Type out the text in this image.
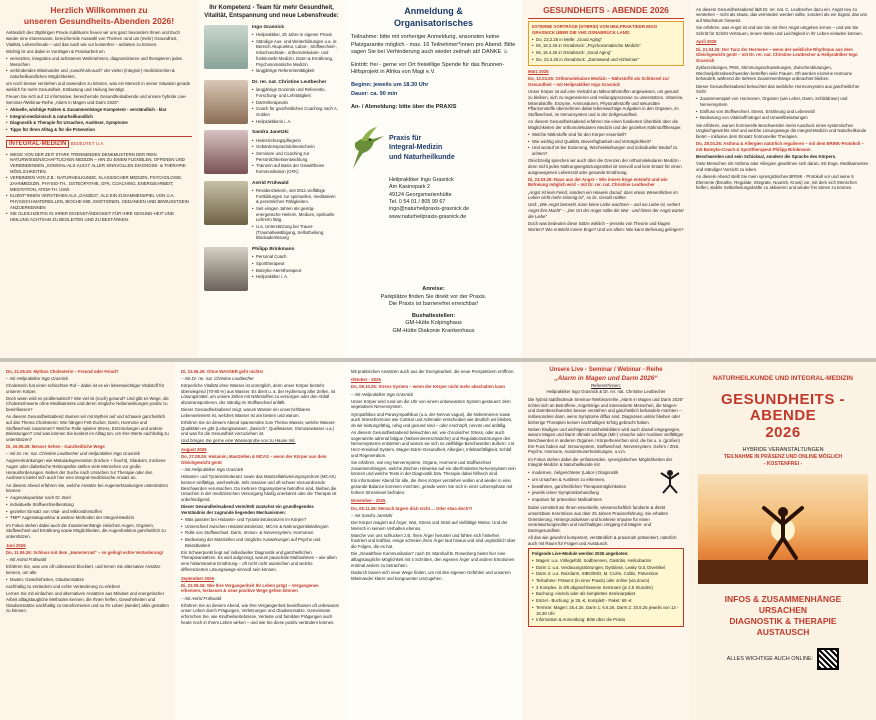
Herzlich Willkommen zu
unseren Gesundheits-Abenden 2026!

Anlässlich des 25jährigen Praxis-Jubiläums freuen wir uns ganz besonders Ihnen und Euch wieder eine interessante, bereichernde Auswahl von Themen rund um (mehr) Gesundheit, Vitalität, Lebensfreude – und das nach wie vor kostenfrei – anbieten zu können.

Wichtig ist uns dabei in Vorträgen & Praxisarbeit ein

• vernetztes, integrales und achtsames Wahrnehmen, diagnostizieren und therapieren jedes Menschen
• verbindendes Miteinander und „sowohl-als-auch“ der vielen (integral-) medizinischen & naturheilkundlichen Möglichkeiten,

um noch besser verstehen und anwenden zu können, was ein Mensch in seiner Situation gerade wirklich für mehr Gesundheit, Entlastung und Heilung benötigt.

Freuen Sie sich auf 12 informative, bereichernde Gesundheitsabende und unsere hybride Live-Seminar-/Webinar-Reihe „Alarm in Magen und Darm 2026“:

• Aktuelle, wichtige Fakten & Zusammenhänge Kompetent - verständlich - klar
• Integral-medizinisch & naturheilkundlich
• Diagnostik & Therapie für Ursachen, Auslöser, Symptome
• Tipps für Ihren Alltag & für die Prävention
INTEGRAL-MEDIZIN BEDEUTET U.A.
• WEGE VON DER ZEIT STARK TRENNENDEN DENKMUSTERN DER REIN NATURWISSENSCHAFTLICHEN MEDIZIN – HIN ZU EINEM FLEXIBLEN, OFFENEN UND VERBINDENDEN „SOWOHL-ALS-AUCH“ ALLER SINNVOLLEN DIAGNOSE- & THERAPIE-MÖGLICHKEITEN.
• VERBINDEN VON Z.B.: NATURHEILKUNDE, KLASSISCHER MEDIZIN, PSYCHOLOGIE, ZAHNMEDIZIN, PHYSIO-TH., OSTEOPATHIE, GFK, COACHING, ENERGIEARBEIT, MEDITATION, ATEM-TH. USW.
• KLIENT*INNEN VERSTEHEN ALS „GANZES“, ALS EIN ZUSAMMENSPIEL VON U.A. PHYSISCH-MATERIELLEN, BIOCHE-MIE, EMOTIONEN, GEDANKEN UND BEWUSSTSEIN ANZUERKENNEN
• SIE GLEICHZEITIG IN IHRER EIGENSTÄNDIGKEIT FÜR IHRE GESUND-HEIT UND HEILUNG ACHTSAM ZU BEGLEITEN UND ZU BESTÄRKEN.
Ihr Kompetenz - Team für mehr Gesundheit, Vitalität, Entspannung und neue Lebensfreude:
Ingo Grasnick
• Heilpraktiker, 25 Jahre in eigener Praxis
• Ständige Aus- und Weiterbildungen u.a. in: Bereich Akupunktur, Labor-, Stoffwechsel-, mitochondriale-, orthomolekulare- und funktionelle Medizin, Darm & Ernährung, Psychosomatische Medizin
• langjährige Referententätigkeit
Dr. rer. nat. Christine Leutbecher
• langjährige Dozentin und Referentin, Forschung- und Lehrtätigkeit
• Darmtherapeutin
• Coach für ganzheitliches Coaching nach A. Golden
• Heilpraktikerin i. A.
Sandra Janetzki
• Heilerziehungspflegerin
• Gebärdensprachdolmetscherin
• Seminare und Coaching zur Persönlichkeitsentwicklung
• Trainerin auf Basis der Gewaltfreien Kommunikation (GFK)
Astrid Frühwald
• Residenzleiterin, seit 2011 vielfältige Fortbildungen zur spirituellen, meditativen & persönlichen Fähigkeiten.
• Seit einigen Jahren als geistig-energetische Heilerin, Medium, spirituelle Lehrerin tätig.
• U.a. Unterstützung bei Trauer- (Traumabewältigung, Selbstheilung, Blockadenlösung
Philipp Brinkmann
• Personal Coach
• Sporttherapeut
• Buteyko-Atemtherapeut
• Heilpraktiker i. A.
Anmeldung &
Organisatorisches

Teilnahme: bitte mit vorheriger Anmeldung, ansonsten keine Platzgarantie möglich - max. 16 Teilnehmer*innen pro Abend. Bitte sagen Sie bei Verhinderung auch wieder zeitnah ab! DANKE ☺

Eintritt: frei - gerne vor Ort freiwillige Spende für das Brunnen-Hilfsprojekt in Afrika von Magi e.V.

Beginn: jeweils um 18.30 Uhr

Dauer: ca. 90 min

An- / Abmeldung: bitte über die PRAXIS

Praxis für
Integral-Medizin
und Naturheilkunde
Heilpraktiker Ingo Grasnick
Am Kasinopark 2
49124 Georgsmarienhütte
Tel. 0 54 01 / 805 99 67
ingo@naturheilpraxis-grasnick.de
www.naturheilpraxis-grasnick.de
Anreise:
Parkplätze finden Sie direkt vor der Praxis.
Die Praxis ist barrierefrei erreichbar!
Bushaltestellen:
GM-Hütte Kolpinghaus
GM-Hütte Diakonie Krankenhaus
GESUNDHEITS - ABENDE 2026
EXTERNE VORTRÄGE (HYBRID) VON HEILPRAKTIKER INGO GRASNICK ÜBER DIE VHS OSNABRÜCK LAND:
• Do, 23.2.26 in Melle: „Good Aging“
• Mi, 18.2.26 in Osnabrück: „Psychosomatische Medizin“
• Mi, 15.4.26 in Osnabrück: „Good Aging“
• Do, 23.4.26 in Osnabrück: „Darmwand und Alzheimer“
März 2026

Do, 12.03.26: Orthomolekulare Medizin – Nährstoffe als Schlüssel zur Gesundheit – mit Heilpraktiker Ingo Grasnick

Unser Körper ist auf eine Vielzahl an Mikronährstoffen angewiesen, um gesund zu bleiben, sich zu regenerieren und Heilungsprozesse zu unterstützen. Vitamine, Mineralstoffe, Enzyme, Aminosäuren, Phytonährstoffe und sekundäre Pflanzenstoffe übernehmen dabei lebenswichtige Aufgaben in den Organen, im Stoffwechsel, im Immunsystem und in der Zellgesundheit.

An diesem Gesundheitsabend erfahren Sie einen fundierten Überblick über die Möglichkeiten der orthomolekularen Medizin und der gezielten Nährstofftherapie:

• Welche Nährstoffe sind für den Körper essentiell?
• Wie wichtig sind Qualität, Bioverfügbarkeit und Verträglichkeit?
• Und worauf ist bei Dosierung, Wechselwirkungen und individueller Bedarf zu achten?

Gleichzeitig sprechen wir auch über die Grenzen der orthomolekularen Medizin - denn nicht jedes Nahrungsergänzungsmittel ist sinnvoll und kein Ersatz für einen ausgewogenen Lebensstil oder gesunde Ernährung.

Di, 24.03.26: Raus aus der Angst – Wie innere Enge entsteht und wie Befreiung möglich wird – mit Dr. rer. nat. Christine Leutbecher

„Angst ist kein Feind, sondern ein Hinweis darauf, dass etwas Wesentliches im Leben nicht mehr stimmig ist“, so Dr. Gerald Hüther.

Und: „Wie Angst bemerkt, kann keine Liebe wachsen – und wo Liebe ist, verliert Angst ihre Macht“ – „Der Ort der Angst sollte die Wut - und hinter der Angst wartet die Liebe“

Doch was bedeuten diese Sätze wirklich – jenseits von Theorie und klugen Worten? Wie entsteht innere Enge? Und vor allem: Wie kann Befreiung gelingen?

An diesem Gesundheitsabend lädt Dr. rer. nat. C. Leutbecher dazu ein, Angst neu zu verstehen – nicht als etwas, das vermieden werden sollte, sondern als ein Signal, das uns auf Wachstum hinweist.

Sie erfahren, was Angst ist und wie Sie mit Ihrer Angst umgehen lernen – und wie Sie Schritt für Schritt Vertrauen, innere Weite und Leichtigkeit in Ihr Leben einladen können.

April 2026

Di, 21.04.26: Der Tanz der Hormone – wenn der weibliche Rhythmus aus dem Gleichgewicht gerät – mit Dr. rer. nat. Christine Leutbecher & Heilpraktiker Ingo Grasnick

Zykluszeitungen, PMS, Stimmungsschwankungen, Zwischenblutungen, Wechseljahresbeschwerden betreffen viele Frauen. Oft werden einzelne Hormone behandelt, während die tieferen Zusammenhänge unbeachtet bleiben.

Dieser Gesundheitsabend beleuchtet das weibliche Hormonsystem aus ganzheitlicher Sicht:

• Zusammenspiel von Hormonen, Organen (wie Leber, Darm, Schilddrüse) und Nervensystem
• Einfluss von Stoffwechsel, Stress, Ernährung und Lebensstil
• Bedeutung von Vitalstoffmängel und Umweltbelastungen

Sie erfahren, warum hormonelle Beschwerden meist Ausdruck eines systemischen Ungleichgewichts sind und welche Lösungswege die Integral-Medizin und Naturheilkunde bietet – inklusive dem Einsatz hormoneller Therapien.

Do, 28.04.26: Asthma & Allergien natürlich regulieren – mit dem BRINK-Protokoll – mit Buteyko-Coach & Sporttherapeut Philipp Brinkmann

Beschwerden und sein Schicksal, sondern die Sprache des Körpers.

Viele Menschen mit Asthma oder Allergien gewöhnen sich daran, mit Enge, Medikamenten und ständiger Vorsicht zu leben.

An diesem Abend stellt Sie mein synergistisches BRINK - Protokoll vor und seine 5 Elemente (Breathe, Regulate, Integrate, Nourish, Know) vor, mit dem sich Menschen helfen, stabile Selbstheilungskräfte zu aktivieren und wieder frei atmen zu können.

Do, 21.05.26: Mythos Cholesterin – Freund oder Feind?

– mit Heilpraktiker Ingo Grasnick

Cholesterin hat einen schlechten Ruf – dabei ist es ein lebenswichtiger Vitalstoff für unseren Körper.

Doch wann wird es problematisch? Wie viel ist (noch) gesund? Und gibt es Wege, die Cholesterinwerte ohne Medikamente und deren mögliche Nebenwirkungen positiv zu beeinflussen?

An diesem Gesundheitsabend räumen wir mit Mythen auf und schauen ganzheitlich auf das Thema Cholesterin: Wie hängen Fett-Zucker, Darm, Hormone und Stoffwechsel zusammen? Welche Rolle spielen Stress, Entzündungen und andere Belastungen? Und was können Sie konkret im Alltag tun, um Ihre Werte nachhaltig zu unterstützen?

Di, 26.05.26: Besser Sehen - Ganzheitliche Wege

– mit Dr. rer. nat. Christine Leutbecher und Heilpraktiker Ingo Grasnick

Augenerkrankungen wie Makuladegeneration (trocken + feucht), Glaukom, trockene Augen oder diabetische Retinopathie stellen viele Menschen vor große Herausforderungen. Neben der Suche nach Ursachen zur Therapie oder den Auslösern bietet sich auch hier eine integral-medizinische Ansatz an.

An diesem Abend erfahren Sie, welche Ansätze bei Augenerkrankungen unterstützen können:

• Augenakupunktur nach Dr. Boel
• individuelle Stoffwechselberatung
• gezielter Einsatz von Vital- und Mikronährstoffen
• TMP* Augenakupunktur & weitere Methoden der Integral-Medizin

Im Fokus stehen dabei auch die Zusammenhänge zwischen Augen, Organen, Stoffwechsel und Ernährung sowie Möglichkeiten, die Augenfunktion ganzheitlich zu unterstützen.

Juni 2026

Do, 11.06.26: Schluss mit dem „Hamsterrad“ – so gelingt echte Veränderung!

– mit Astrid Frühwald

Erfahren Sie, was uns oft unbewusst blockiert, und lernen Sie alternative Ansätze kennen, um alte

• Muster, Gewohnheiten, Glaubenssätze

nachhaltig zu verändern und echte Veränderung zu erleben!

Lernen Sie mit einfachen und alternativen Ansätzen aus Mindset und energetischer Arbeit alltagstaugliche Methoden kennen, die Ihnen helfen, Gewohnheiten und Glaubenssätze nachhaltig zu transformieren und so Ihr Leben (wieder) aktiv gestalten zu können.

Di, 23.06.26: Ohne WASSER geht nichts!

– mit Dr. rer. nat. Christine Leutbecher

Körperliche Vitalität ohne Wasser ist unmöglich, denn unser Körper besteht überwiegend (70-80 %) aus Wasser. Es dient u. a. der Hydrierung aller Zellen, ist Lösungsmittel, um unsere Zellen mit Nährstoffen zu versorgen oder den Abfall abzutransportieren, der ständig im Stoffwechsel anfällt.

Dieser Gesundheitsabend zeigt, warum Wasser ein unverzichtbares Lebenselement ist, welches Wasser ist am besten und warum.

Erfahren Sie an diesem Abend spannendes zum Thema Wasser, welche Wasser-Qualitäten es gibt (Leitungswasser, „basisch“, Quellwasser, Osmosewasser u.a.) und was für die Gesundheit vorzuziehen ist.

Und bringen Sie gerne eine Wasserprobe von zu Hause mit.

August 2026

Do, 27.08.26: Histamin, Mastzellen & MCAS – wenn der Körper aus dem Gleichgewicht gerät

– mit Heilpraktiker Ingo Grasnick

Histamin- und Tyraminintoleranz sowie das Mastzellaktivierungssyndrom (MCAS) können vielfältige, wechselnde, teils massive und oft schwer einzuordnende Beschwerden verursachen. Da mehrere Organsysteme betroffen sind, bleiben die Ursachen in der medizinischen Versorgung häufig unerkannt oder die Therapie ist unbefriedigend.

Dieser Gesundheitsabend vermittelt zunächst ein grundlegendes Verständnis der zugrunde liegenden Mechanismen:

• Was passiert bei Histamin- und Tyraminintoleranzen im Körper?
• Unterschied zwischen Histaminintoleranz, MCAS & Nahrungsmittelallergien
• Rolle von Stoffwechsel, Darm, Immun- & Nervensystem, Hormonen
• Bedeutung der Mastzellen und mögliche Auswirkungen auf Psyche und Belastbarkeit

Ein Schwerpunkt liegt auf individueller Diagnostik und ganzheitlichen Therapieansätzen. Es wird aufgezeigt, warum pauschale Maßnahmen – wie allein eine histaminarme Ernährung – oft nicht nicht ausreichen und welche differenzierten Lösungswege sinnvoll sein können.

September 2026

Di, 22.09.26: Wie Ihre Vergangenheit Ihr Leben prägt – Vergangenes erkennen, loslassen & neue positive Wege gehen können

– mit Astrid Frühwald

Erfahren Sie an diesem Abend, wie Ihre Vergangenheit beeinflussen oft unbewusst unser Leben durch Prägungen, Verletzungen und Glaubenssätze. Gemeinsam erforschen Sie, wie Kindheitserlebnisse, Verluste und familiäre Prägungen auch heute noch in Ihrem Leben wirken – und wie Sie diese positiv verändern können.

Mit praktischen Ansätzen auch aus der Energiearbeit, die neue Perspektiven eröffnen.

Oktober - 2025

Do, 08.10.26: Stress System – wenn der Körper nicht mehr abschalten kann

– mit Heilpraktiker Ingo Grasnick

Unser Körper wird rund um die Uhr von einem unbewussten System gesteuert: dem vegetativen Nervensystem.

Sympathikus und Parasympathikus (u.a. der Nervus vagus), die Nebennieren sowie auch Stresshormone wie Cortisol und Adrenalin entscheiden wie deutlich wir bleiben, ob wir leistungsfähig, ruhig und gesund sind – oder erschöpft, nervös und anfällig.

An diesem Gesundheitsabend beleuchten wir, wie chronischer Stress, oder auch sogenannte adrenal fatigue (Nebennierenschwäche) und Regulationsstörungen des Nervensystems entstehen und warum sie sich so vielfältige Beschwerden äußern: z.B. Herz-Kreislauf-System, Magen-Darm-Gesundheit, Allergien, Infektanfälligkeit, Schlaf und Regeneration.

Sie erfahren, wie eng Nervensystem, Organe, Hormone und Stoffwechsel zusammenhängen, welche Zeichen Hinweise auf ein überfordertes Nervensystem sein können und welche Tests in der Diagnostik bzw. Therapie dabei hilfreich sind.

Ein informativer Abend für alle, die ihren Körper verstehen wollen und wieder in eine gesunde Balance kommen möchten, gerade wenn Sie sich in einer Lebensphase mit hohem Stresslevel befinden.

November - 2025

Do, 05.11.26: Mensch ärgere dich nicht ... Oder etwa doch?!

– mit Sandra Janetzki

Der Körper reagiert auf Ärger, Wut, Stress und Streit auf vielfältige Weise. Und der Mensch in seinem Verhalten ebenso.

Manche von uns schlucken z.B. ihren Ärger herunter und fühlen sich hinterher frustriert und kraftlos, einige schreien ihren Ärger laut hinaus und sind unglücklich über die Folgen, die es hat.

Die „Gewaltfreie Kommunikation“ nach Dr. Marshall B. Rosenberg bietet hier eine alltagstaugliche Möglichkeit mit 4 Schritten, den eigenen Ärger und andere Emotionen erstmal anders zu betrachten.

Dadurch lassen sich neue Wege finden, um mit den eigenen Gefühlen und unserem Miteinander klarer und kongruenter umzugehen.

Unsere Live - Seminar / Webinar - Reihe
„Alarm in Magen und Darm 2026“
Referent*innen:
Heilpraktiker Ingo Grasnick & Dr. rer. nat. Christine Leutbecher

Die hybrid stattfindende Seminar-/Webinarreihe „Alarm in Magen und Darm 2026“ richtet sich an Betroffene, Angehörige und interessierte Menschen, die Magen- und Darmbeschwerden besser verstehen und ganzheitlich behandeln möchten – insbesondere dann, wenn Symptome diffus sind, Diagnosen unklar bleiben oder bisherige Therapien keinen nachhaltigen Erfolg gebracht haben.

Neben häufigen und wichtigen Krankheitsbildern wird auch darauf eingegangen, warum Magen und Darm oftmals wichtige (Mit-) Ursache oder Auslöser vielfältiger Beschwerden in anderen Organen / Körperbereichen sind, die bis u. a. (großen) Ein-Fuss haben auf: Immunsystem, Stoffwechsel, Nervensystem, Gehirn / ZNS, Psyche, Hormone, Autoimmunerkrankungen, u.v.m.

Im Fokus stehen dabei die umfassenden, synergistischen Möglichkeiten der Integral-Medizin & Naturheilkunde mit

• modernen, zielgerichteter (Labor-) Diagnostik
• um Ursachen & Auslöser zu erkennen,
• bewährten, ganzheitlichen Therapiemöglichkeiten
• jeweils reiner Symptombehandlung
• Impulsen für präventive Maßnahmen

Dabei vermittelt wir Ihnen essentielle, wissenschaftlich fundierte & direkt umsetzbare Kenntnisse aus über 25 Jahren Praxiserfahrung. Sie erhalten Orientierung, Hintergrundwissen und konkrete Impulse für einen verantwortungsvollen und nachhaltigen Umgang mit Magen- und Darmgesundheit.

All das wie gewohnt kompetent, verständlich & praxisnah präsentiert, natürlich auch mit Raum für Fragen und Austausch.

Folgende Live-Module werden 2026 angeboten:
• Magen: u.a. Völlegefühl, Sodbrennen, Gastritis, Helicobacter
• Darm 1: u.a. Verdauungsstörungen, Dysbiose, Leaky Gut, Divertikel
• Darm 2: u.a. Reizdarm, SIBO/IMO, M. Crohn, Colitis, Prävention
• Teilnahme: Präsenz (in einer Praxis) oder online (via Zoom)
• 3 Komplex. in 3/6 abgeschlossene Seminare (je 2,5 Stunden)
• Buchung: einzeln oder als komplettes Seminarpaket
• Einzel - Buchung: je 25,-€, Komplett - Paket: 69 -€
• Termine: Magen: 25.4.26, Darm 1: 6.6.26, Darm 2: 20.6.25 jeweils von 13 - 15.30 Uhr
• Information & Anmeldung: Bitte über die Praxis
NATURHEILKUNDE UND INTEGRAL-MEDIZIN
GESUNDHEITS - ABENDE
2026
HYBRIDE VERANSTALTUNGEN
TEILNAHME IN PRÄSENZ UND ONLINE MÖGLICH
- KOSTENFREI -
INFOS & ZUSAMMENHÄNGE
URSACHEN
DIAGNOSTIK & THERAPIE
AUSTAUSCH
ALLES WICHTIGE AUCH ONLINE:
